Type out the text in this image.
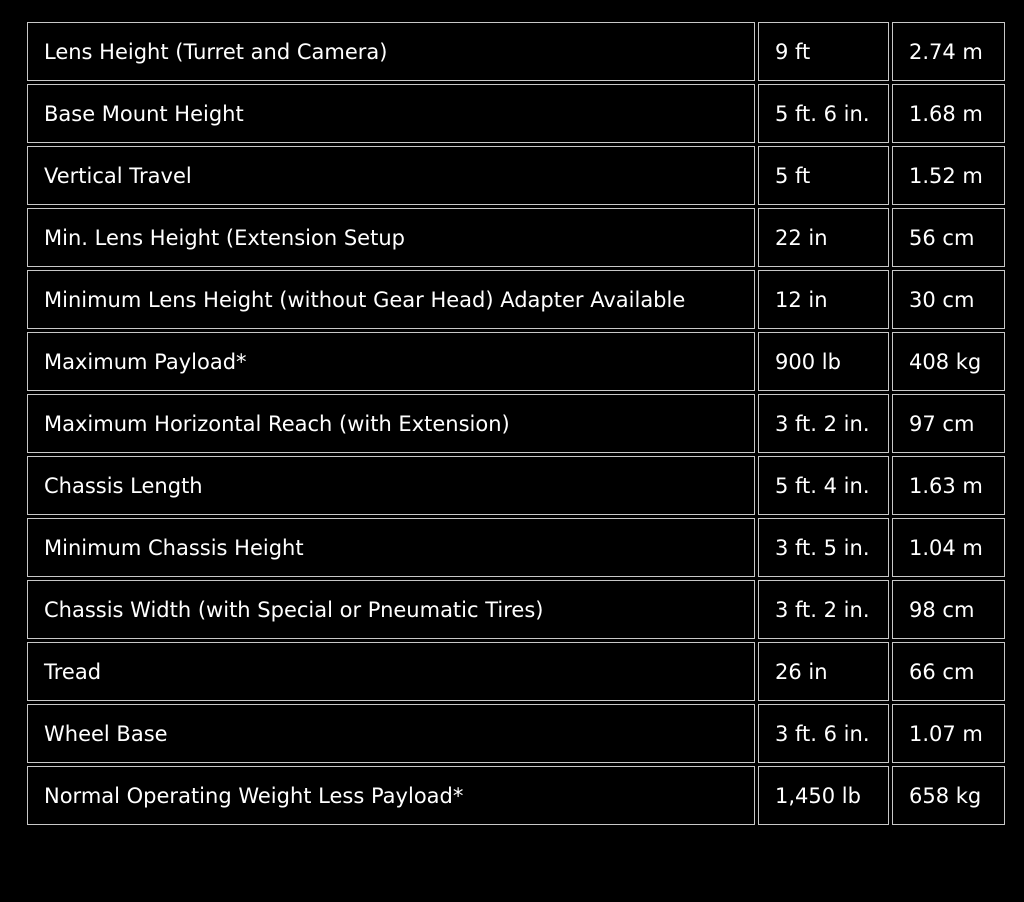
Lens Height (Turret and Camera)	9 ft	2.74 m
Base Mount Height	5 ft. 6 in.	1.68 m
Vertical Travel	5 ft	1.52 m
Min. Lens Height (Extension Setup	22 in	56 cm
Minimum Lens Height (without Gear Head) Adapter Available	12 in	30 cm
Maximum Payload*	900 lb	408 kg
Maximum Horizontal Reach (with Extension)	3 ft. 2 in.	97 cm
Chassis Length	5 ft. 4 in.	1.63 m
Minimum Chassis Height	3 ft. 5 in.	1.04 m
Chassis Width (with Special or Pneumatic Tires)	3 ft. 2 in.	98 cm
Tread	26 in	66 cm
Wheel Base	3 ft. 6 in.	1.07 m
Normal Operating Weight Less Payload*	1,450 lb	658 kg
